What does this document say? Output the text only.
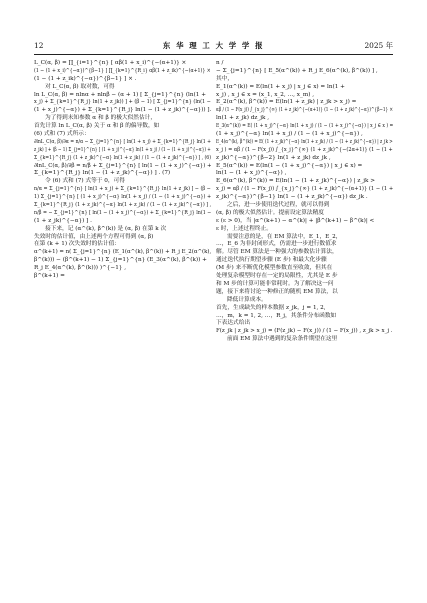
12	东 华 理 工 大 学 学 报	2025 年
L_C(α, β) = ∏_{i=1}^{n} [ αβ(1 + x_i)^{−(α+1)} ×
(1 − (1 + x_i)^{−α})^{β−1} ] ∏_{k=1}^{R_i} αβ(1 + z_ik)^{−(α+1)} ×
(1 − (1 + z_ik)^{−α})^{β−1} ] × .
对 L_C(α, β) 取对数，可得
ln L_C(α, β) = nlnα + nlnβ − (α + 1) [ Σ_{j=1}^{n} (ln(1 +
x_j) + Σ_{k=1}^{R_j} ln(1 + z_jk)) ] + (β − 1) [ Σ_{j=1}^{n} (ln(1 −
(1 + x_j)^{−α}) + Σ_{k=1}^{R_j} ln(1 − (1 + z_jk)^{−α})) ].
为了得到未知参数 α 和 β 的极大似然估计，
首先计算 ln L_C(α, β) 关于 α 和 β 的偏导数，如
(6) 式和 (7) 式所示：
∂lnL_C(α, β)/∂α = n/α − Σ_{j=1}^{n} [ ln(1 + x_j) + Σ_{k=1}^{R_j} ln(1 +
z_jk) ] + (β − 1) Σ_{j=1}^{n} [ (1 + x_j)^{−α} ln(1 + x_j) / (1 − (1 + x_j)^{−α}) +
Σ_{k=1}^{R_j} (1 + z_jk)^{−α} ln(1 + z_jk) / (1 − (1 + z_jk)^{−α}) ] , (6)
∂lnL_C(α, β)/∂β = n/β + Σ_{j=1}^{n} [ ln(1 − (1 + x_j)^{−α}) +
Σ_{k=1}^{R_j} ln(1 − (1 + z_jk)^{−α}) ] . (7)
令 (6) 式和 (7) 式等于 0，可得
n/α = Σ_{j=1}^{n} [ ln(1 + x_j) + Σ_{k=1}^{R_j} ln(1 + z_jk) ] − (β −
1) Σ_{j=1}^{n} [ (1 + x_j)^{−α} ln(1 + x_j) / (1 − (1 + x_j)^{−α}) +
Σ_{k=1}^{R_j} (1 + z_jk)^{−α} ln(1 + z_jk) / (1 − (1 + z_jk)^{−α}) ] ,
n/β = − Σ_{j=1}^{n} [ ln(1 − (1 + x_j)^{−α}) + Σ_{k=1}^{R_j} ln(1 −
(1 + z_jk)^{−α}) ] .
接下来，记 (α^(k), β^(k)) 是 (α, β) 在第 k 次
失效时的估计值，由上述两个方程可得到 (α, β)
在第 (k + 1) 次失效时的估计值：
α^(k+1) = n( Σ_{j=1}^{n} (E_1(α^(k), β^(k)) + R_j E_2(α^(k),
β^(k))) − (β^(k+1) − 1) Σ_{j=1}^{n} (E_3(α^(k), β^(k)) +
R_j E_4(α^(k), β^(k))) )^{−1} ,
β^(k+1) =
n /
− Σ_{j=1}^{n} [ E_5(α^(k)) + R_j E_6(α^(k), β^(k)) ] ,
其中，
E_1(α^(k)) = E(ln(1 + x_j) | x_j ∈ x) = ln(1 +
x_j) , x_j ∈ x = (x_1, x_2, …, x_m) ,
E_2(α^(k), β^(k)) = E(ln(1 + z_jk) | z_jk > x_j) =
αβ / (1 − F(x_j)) ∫_{x_j}^{∞} (1 + z_jk)^{−(α+1)} (1 − (1 + z_jk)^{−α})^{β−1} ×
ln(1 + z_jk) dz_jk ,
E_3(α^(k)) = E( (1 + x_j)^{−α} ln(1 + x_j) / (1 − (1 + x_j)^{−α}) | x_j ∈ x ) =
(1 + x_j)^{−α} ln(1 + x_j) / (1 − (1 + x_j)^{−α}) ,
E_4(α^(k), β^(k)) = E( (1 + z_jk)^{−α} ln(1 + z_jk) / (1 − (1 + z_jk)^{−α}) | z_jk >
x_j ) = αβ / (1 − F(x_j)) ∫_{x_j}^{∞} (1 + z_jk)^{−(2α+1)} (1 − (1 +
z_jk)^{−α})^{β−2} ln(1 + z_jk) dz_jk ,
E_5(α^(k)) = E(ln(1 − (1 + x_j)^{−α}) | x_j ∈ x) =
ln(1 − (1 + x_j)^{−α}) ,
E_6(α^(k), β^(k)) = E(ln(1 − (1 + z_jk)^{−α}) | z_jk >
x_j) = αβ / (1 − F(x_j)) ∫_{x_j}^{∞} (1 + z_jk)^{−(α+1)} (1 − (1 +
z_jk)^{−α})^{β−1} ln(1 − (1 + z_jk)^{−α}) dz_jk .
之后，进一步使用迭代过程，就可以得到
(α, β) 的极大似然估计。提前设定算法精度
ε (ε > 0)，当 |α^(k+1) − α^(k)| + |β^(k+1) − β^(k)| <
ε 时，上述过程终止。
需要注意的是，在 EM 算法中，E_1，E_2，
…，E_6 为非封闭形式，仍需进一步进行数值求
解。尽管 EM 算法是一种强大的参数估计算法，
通过迭代执行期望步骤 (E 步) 和最大化步骤
(M 步) 来不断优化模型参数直至收敛，但其在
处理复杂模型时存在一定的局限性，尤其是 E 步
和 M 步的计算可能非常耗时。为了解决这一问
题，接下来将讨论一种修正的随机 EM 算法，以
降低计算成本。
首先，生成缺失的样本数据 z_jk，j = 1, 2,
…，m，k = 1, 2, …，R_j，其条件分布函数如
下表达式给出
F(z_jk | z_jk > x_j) = (F(z_jk) − F(x_j)) / (1 − F(x_j)) , z_jk > x_j .
前面 EM 算法中遇到的复杂条件期望在这里
